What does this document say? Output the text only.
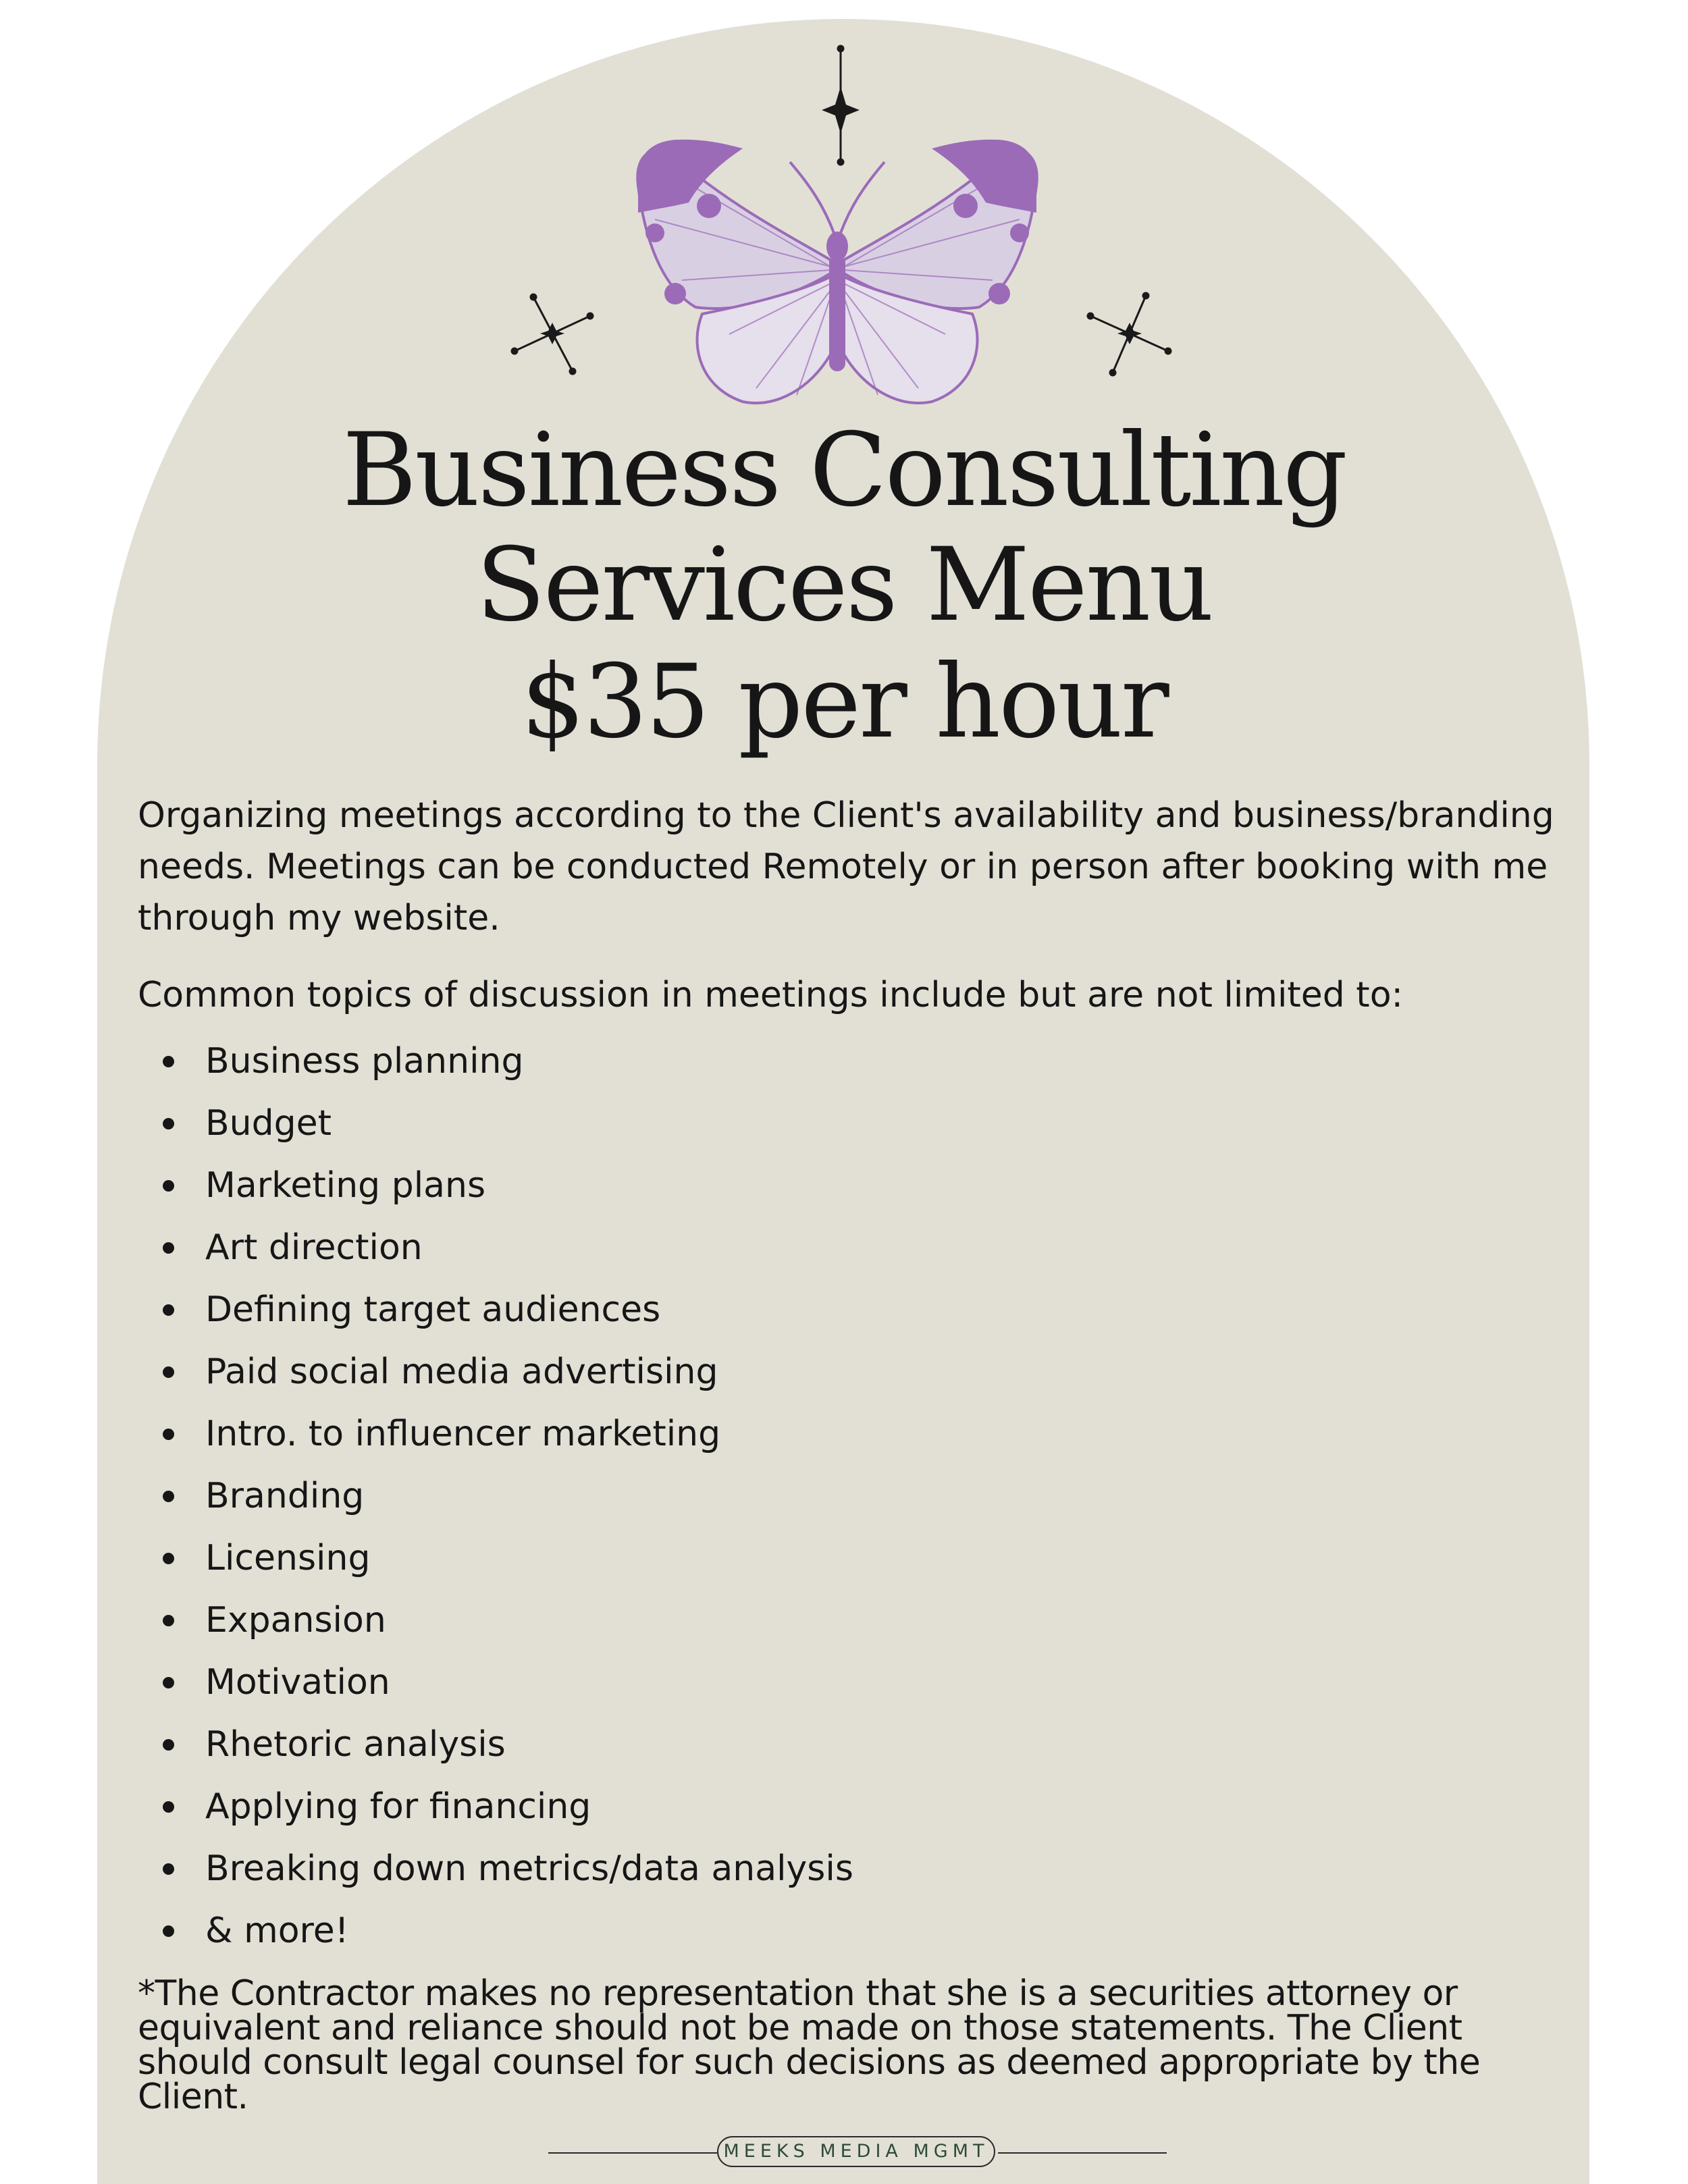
Business Consulting
Services Menu
$35 per hour

Organizing meetings according to the Client's availability and business/branding needs. Meetings can be conducted Remotely or in person after booking with me through my website.

Common topics of discussion in meetings include but are not limited to:

Business planning
Budget
Marketing plans
Art direction
Defining target audiences
Paid social media advertising
Intro. to influencer marketing
Branding
Licensing
Expansion
Motivation
Rhetoric analysis
Applying for financing
Breaking down metrics/data analysis
& more!

*The Contractor makes no representation that she is a securities attorney or equivalent and reliance should not be made on those statements. The Client should consult legal counsel for such decisions as deemed appropriate by the Client.

MEEKS MEDIA MGMT
